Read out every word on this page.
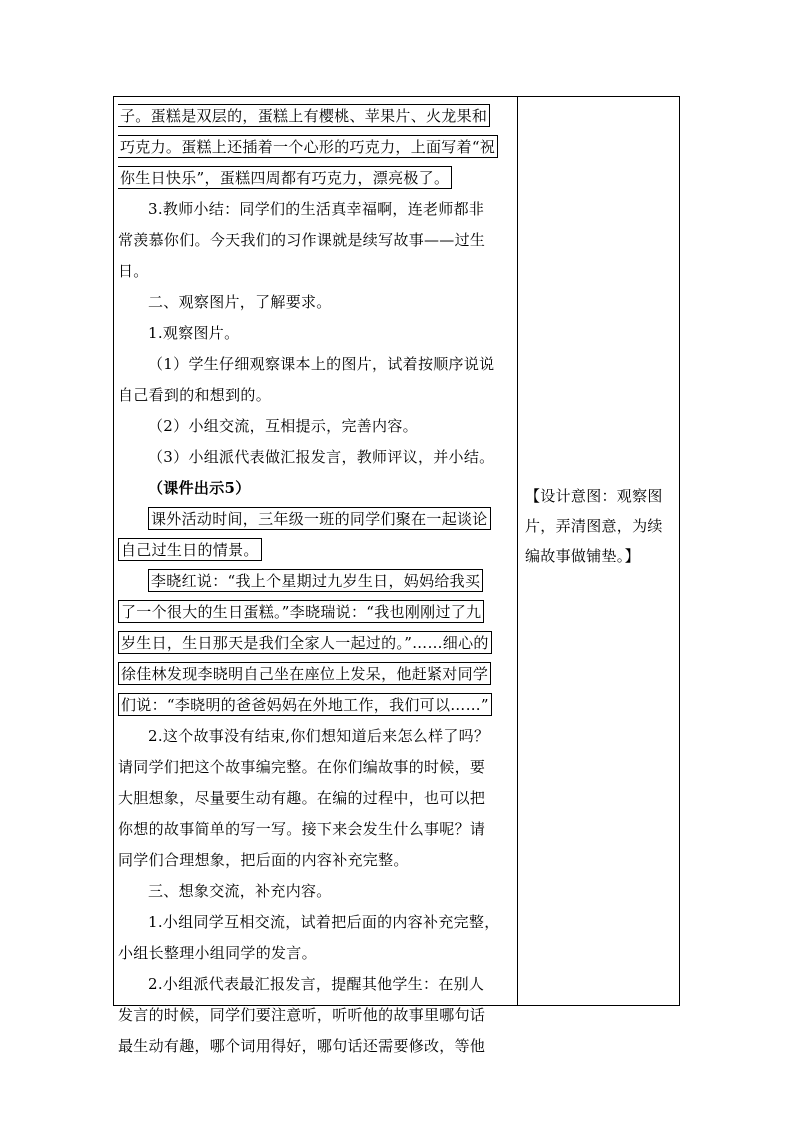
子。蛋糕是双层的，蛋糕上有樱桃、苹果片、火龙果和
巧克力。蛋糕上还插着一个心形的巧克力，上面写着“祝
你生日快乐”，蛋糕四周都有巧克力，漂亮极了。
3.教师小结：同学们的生活真幸福啊，连老师都非
常羡慕你们。今天我们的习作课就是续写故事——过生
日。
二、观察图片，了解要求。
1.观察图片。
（1）学生仔细观察课本上的图片，试着按顺序说说
自己看到的和想到的。
（2）小组交流，互相提示，完善内容。
（3）小组派代表做汇报发言，教师评议，并小结。
（课件出示5）
课外活动时间，三年级一班的同学们聚在一起谈论
自己过生日的情景。
李晓红说：“我上个星期过九岁生日，妈妈给我买
了一个很大的生日蛋糕。”李晓瑞说：“我也刚刚过了九
岁生日，生日那天是我们全家人一起过的。”……细心的
徐佳林发现李晓明自己坐在座位上发呆，他赶紧对同学
们说：“李晓明的爸爸妈妈在外地工作，我们可以……”
2.这个故事没有结束,你们想知道后来怎么样了吗？
请同学们把这个故事编完整。在你们编故事的时候，要
大胆想象，尽量要生动有趣。在编的过程中，也可以把
你想的故事简单的写一写。接下来会发生什么事呢？请
同学们合理想象，把后面的内容补充完整。
三、想象交流，补充内容。
1.小组同学互相交流，试着把后面的内容补充完整，
小组长整理小组同学的发言。
2.小组派代表最汇报发言，提醒其他学生：在别人
发言的时候，同学们要注意听，听听他的故事里哪句话
最生动有趣，哪个词用得好，哪句话还需要修改，等他
【设计意图：观察图
片，弄清图意，为续
编故事做铺垫。】
